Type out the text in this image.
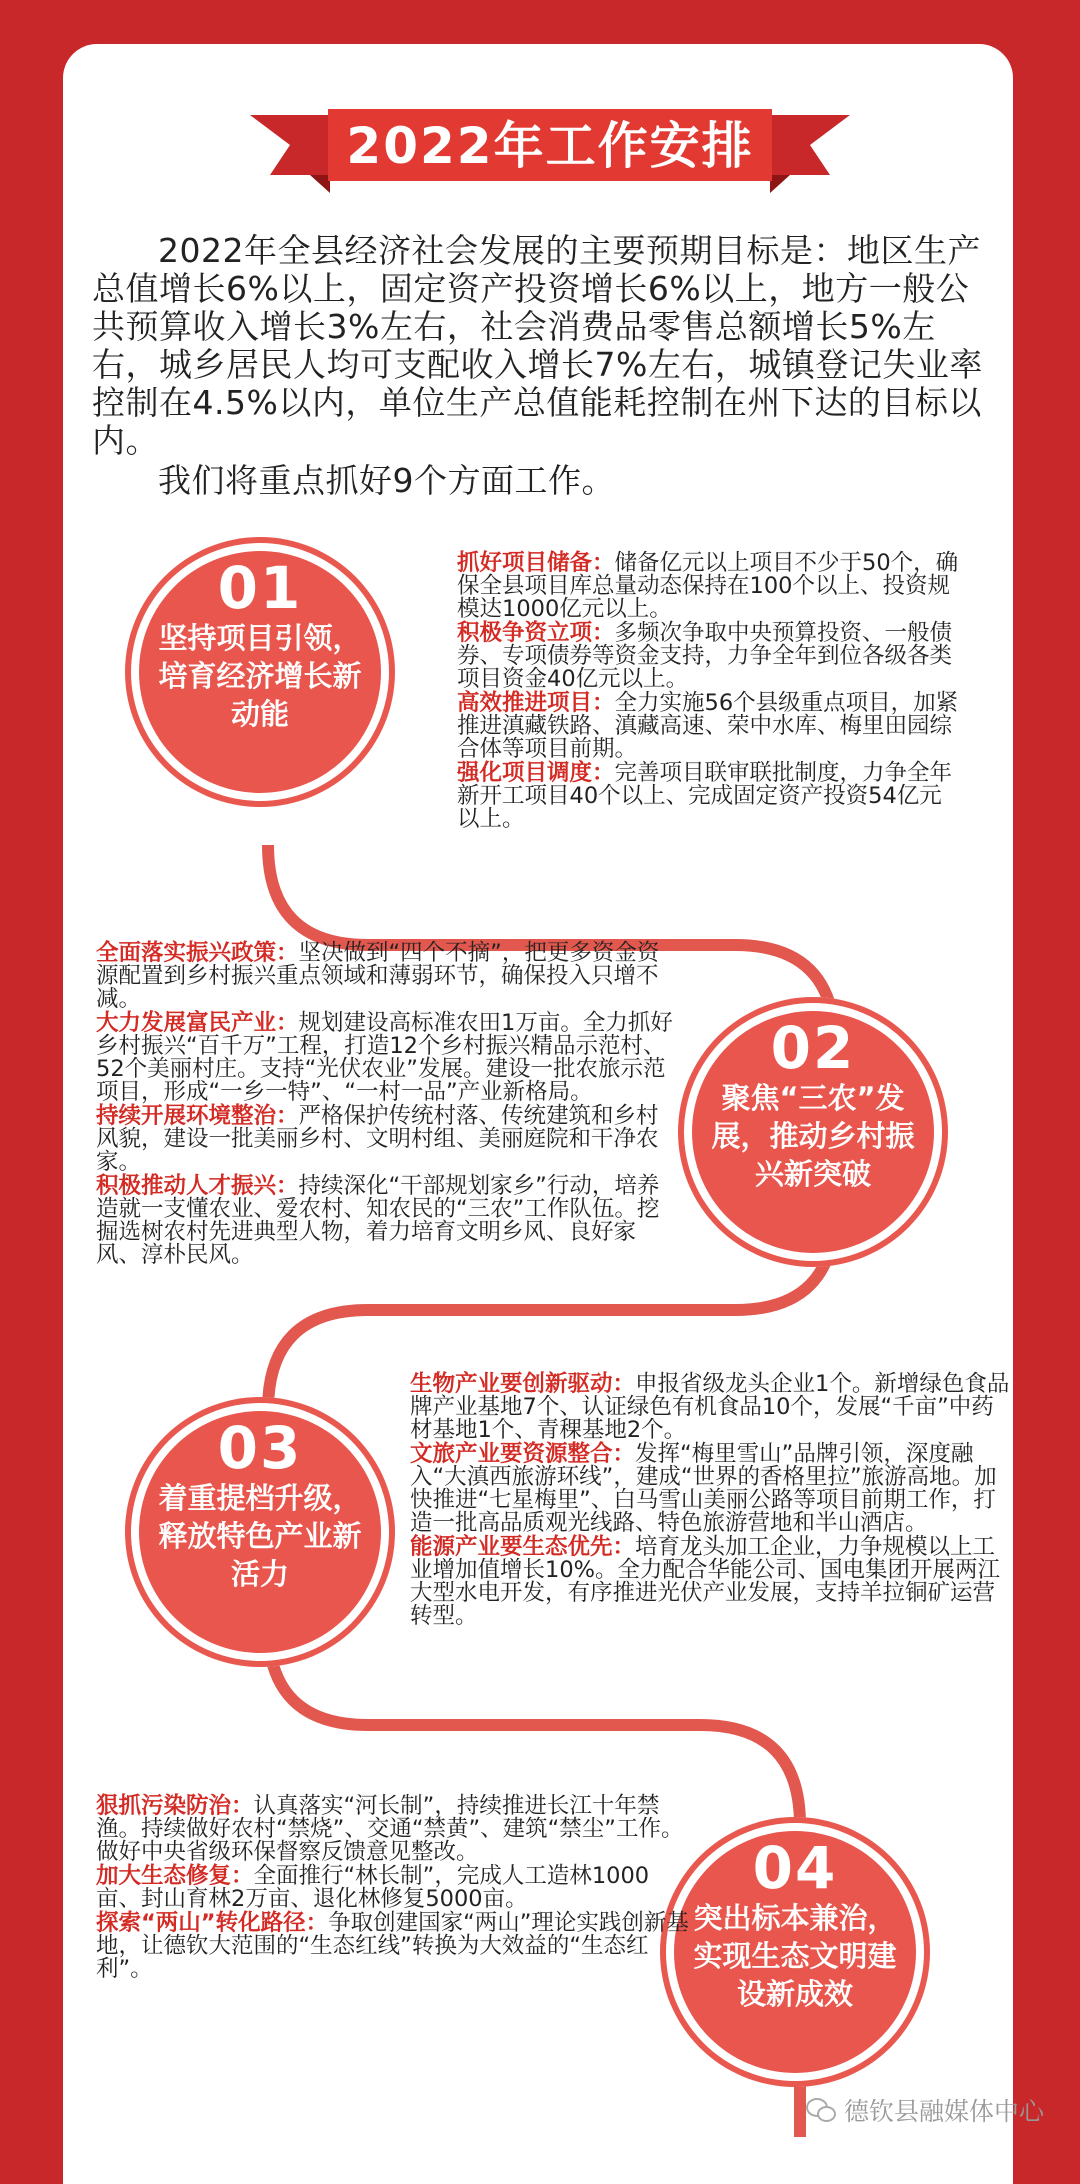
2022年工作安排

2022年全县经济社会发展的主要预期目标是：地区生产总值增长6%以上，固定资产投资增长6%以上，地方一般公共预算收入增长3%左右，社会消费品零售总额增长5%左右，城乡居民人均可支配收入增长7%左右，城镇登记失业率控制在4.5%以内，单位生产总值能耗控制在州下达的目标以内。

我们将重点抓好9个方面工作。

01
坚持项目引领，培育经济增长新动能
抓好项目储备：储备亿元以上项目不少于50个，确保全县项目库总量动态保持在100个以上、投资规模达1000亿元以上。
积极争资立项：多频次争取中央预算投资、一般债券、专项债券等资金支持，力争全年到位各级各类项目资金40亿元以上。
高效推进项目：全力实施56个县级重点项目，加紧推进滇藏铁路、滇藏高速、荣中水库、梅里田园综合体等项目前期。
强化项目调度：完善项目联审联批制度，力争全年新开工项目40个以上、完成固定资产投资54亿元以上。
02
聚焦“三农”发展，推动乡村振兴新突破
全面落实振兴政策：坚决做到“四个不摘”，把更多资金资源配置到乡村振兴重点领域和薄弱环节，确保投入只增不减。
大力发展富民产业：规划建设高标准农田1万亩。全力抓好乡村振兴“百千万”工程，打造12个乡村振兴精品示范村、52个美丽村庄。支持“光伏农业”发展。建设一批农旅示范项目，形成“一乡一特”、“一村一品”产业新格局。
持续开展环境整治：严格保护传统村落、传统建筑和乡村风貌，建设一批美丽乡村、文明村组、美丽庭院和干净农家。
积极推动人才振兴：持续深化“干部规划家乡”行动，培养造就一支懂农业、爱农村、知农民的“三农”工作队伍。挖掘选树农村先进典型人物，着力培育文明乡风、良好家风、淳朴民风。
03
着重提档升级，释放特色产业新活力
生物产业要创新驱动：申报省级龙头企业1个。新增绿色食品牌产业基地7个、认证绿色有机食品10个，发展“千亩”中药材基地1个、青稞基地2个。
文旅产业要资源整合：发挥“梅里雪山”品牌引领，深度融入“大滇西旅游环线”，建成“世界的香格里拉”旅游高地。加快推进“七星梅里”、白马雪山美丽公路等项目前期工作，打造一批高品质观光线路、特色旅游营地和半山酒店。
能源产业要生态优先：培育龙头加工企业，力争规模以上工业增加值增长10%。全力配合华能公司、国电集团开展两江大型水电开发，有序推进光伏产业发展，支持羊拉铜矿运营转型。
04
突出标本兼治，实现生态文明建设新成效
狠抓污染防治：认真落实“河长制”，持续推进长江十年禁渔。持续做好农村“禁烧”、交通“禁黄”、建筑“禁尘”工作。做好中央省级环保督察反馈意见整改。
加大生态修复：全面推行“林长制”，完成人工造林1000亩、封山育林2万亩、退化林修复5000亩。
探索“两山”转化路径：争取创建国家“两山”理论实践创新基地，让德钦大范围的“生态红线”转换为大效益的“生态红利”。
德钦县融媒体中心
